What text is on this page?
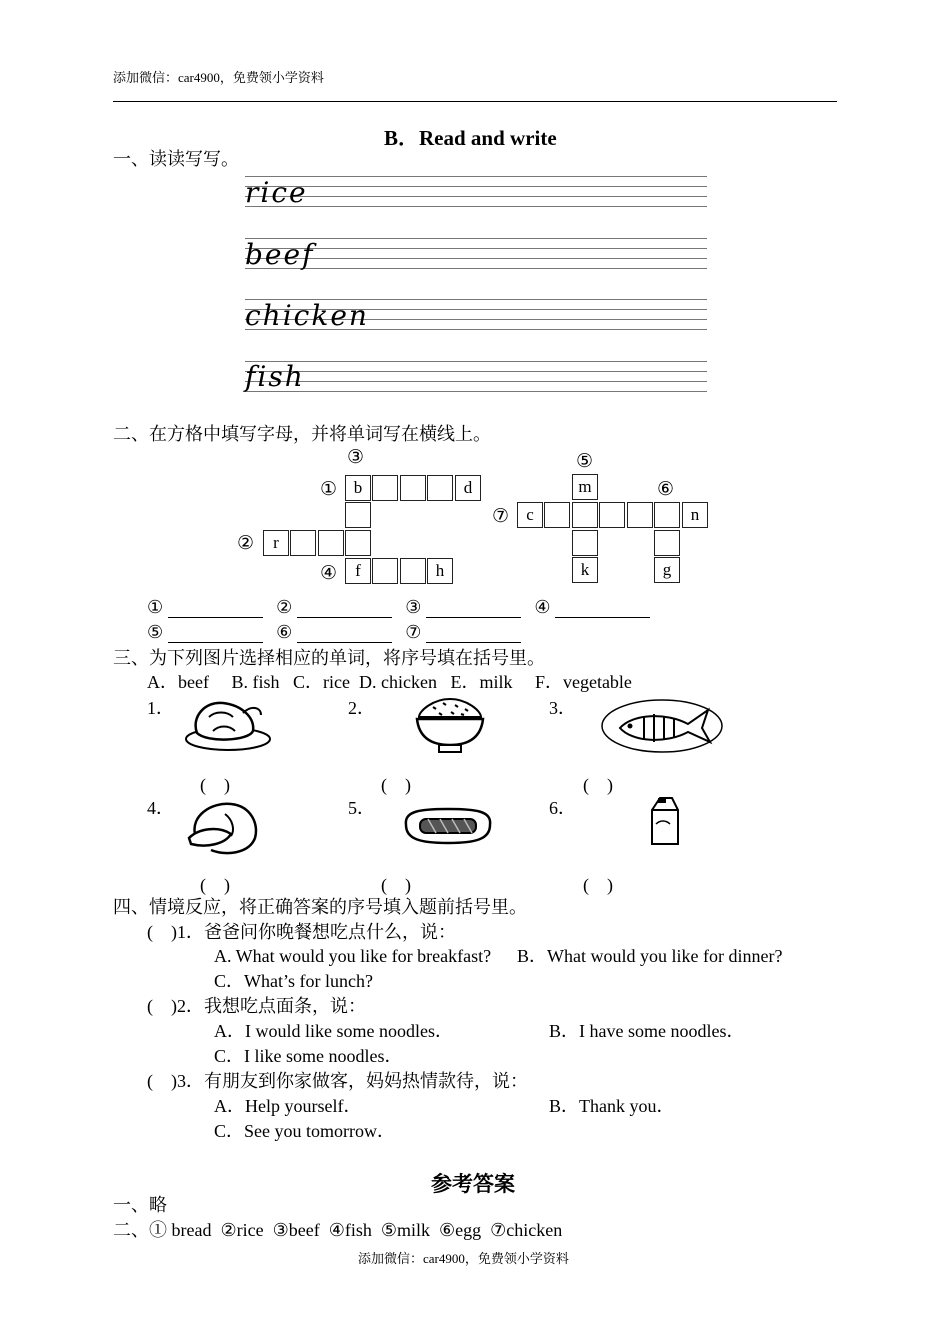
添加微信：car4900，免费领小学资料
B．Read and write
一、读读写写。
rice
beef
chicken
fish
二、在方格中填写字母，并将单词写在横线上。
③
① b	d
②	r
④	f	h
⑤
m	⑥
⑦	c	n
k	g
①	②	③	④
⑤	⑥	⑦
三、为下列图片选择相应的单词，将序号填在括号里。
A．beef B. fish C．rice D. chicken E．milk F．vegetable
1．	2．	3．
4．	5．	6．
(　)	(　)	(　)
(　)	(　)	(　)
四、情境反应，将正确答案的序号填入题前括号里。
(　)1．爸爸问你晚餐想吃点什么，说：
A. What would you like for breakfast? B．What would you like for dinner?
C．What’s for lunch?
(　)2．我想吃点面条，说：
A．I would like some noodles．	B．I have some noodles．
C．I like some noodles．
(　)3．有朋友到你家做客，妈妈热情款待，说：
A．Help yourself．	B．Thank you．
C．See you tomorrow．
参考答案
一、略
二、① bread  ②rice  ③beef  ④fish  ⑤milk  ⑥egg  ⑦chicken
添加微信：car4900，免费领小学资料
